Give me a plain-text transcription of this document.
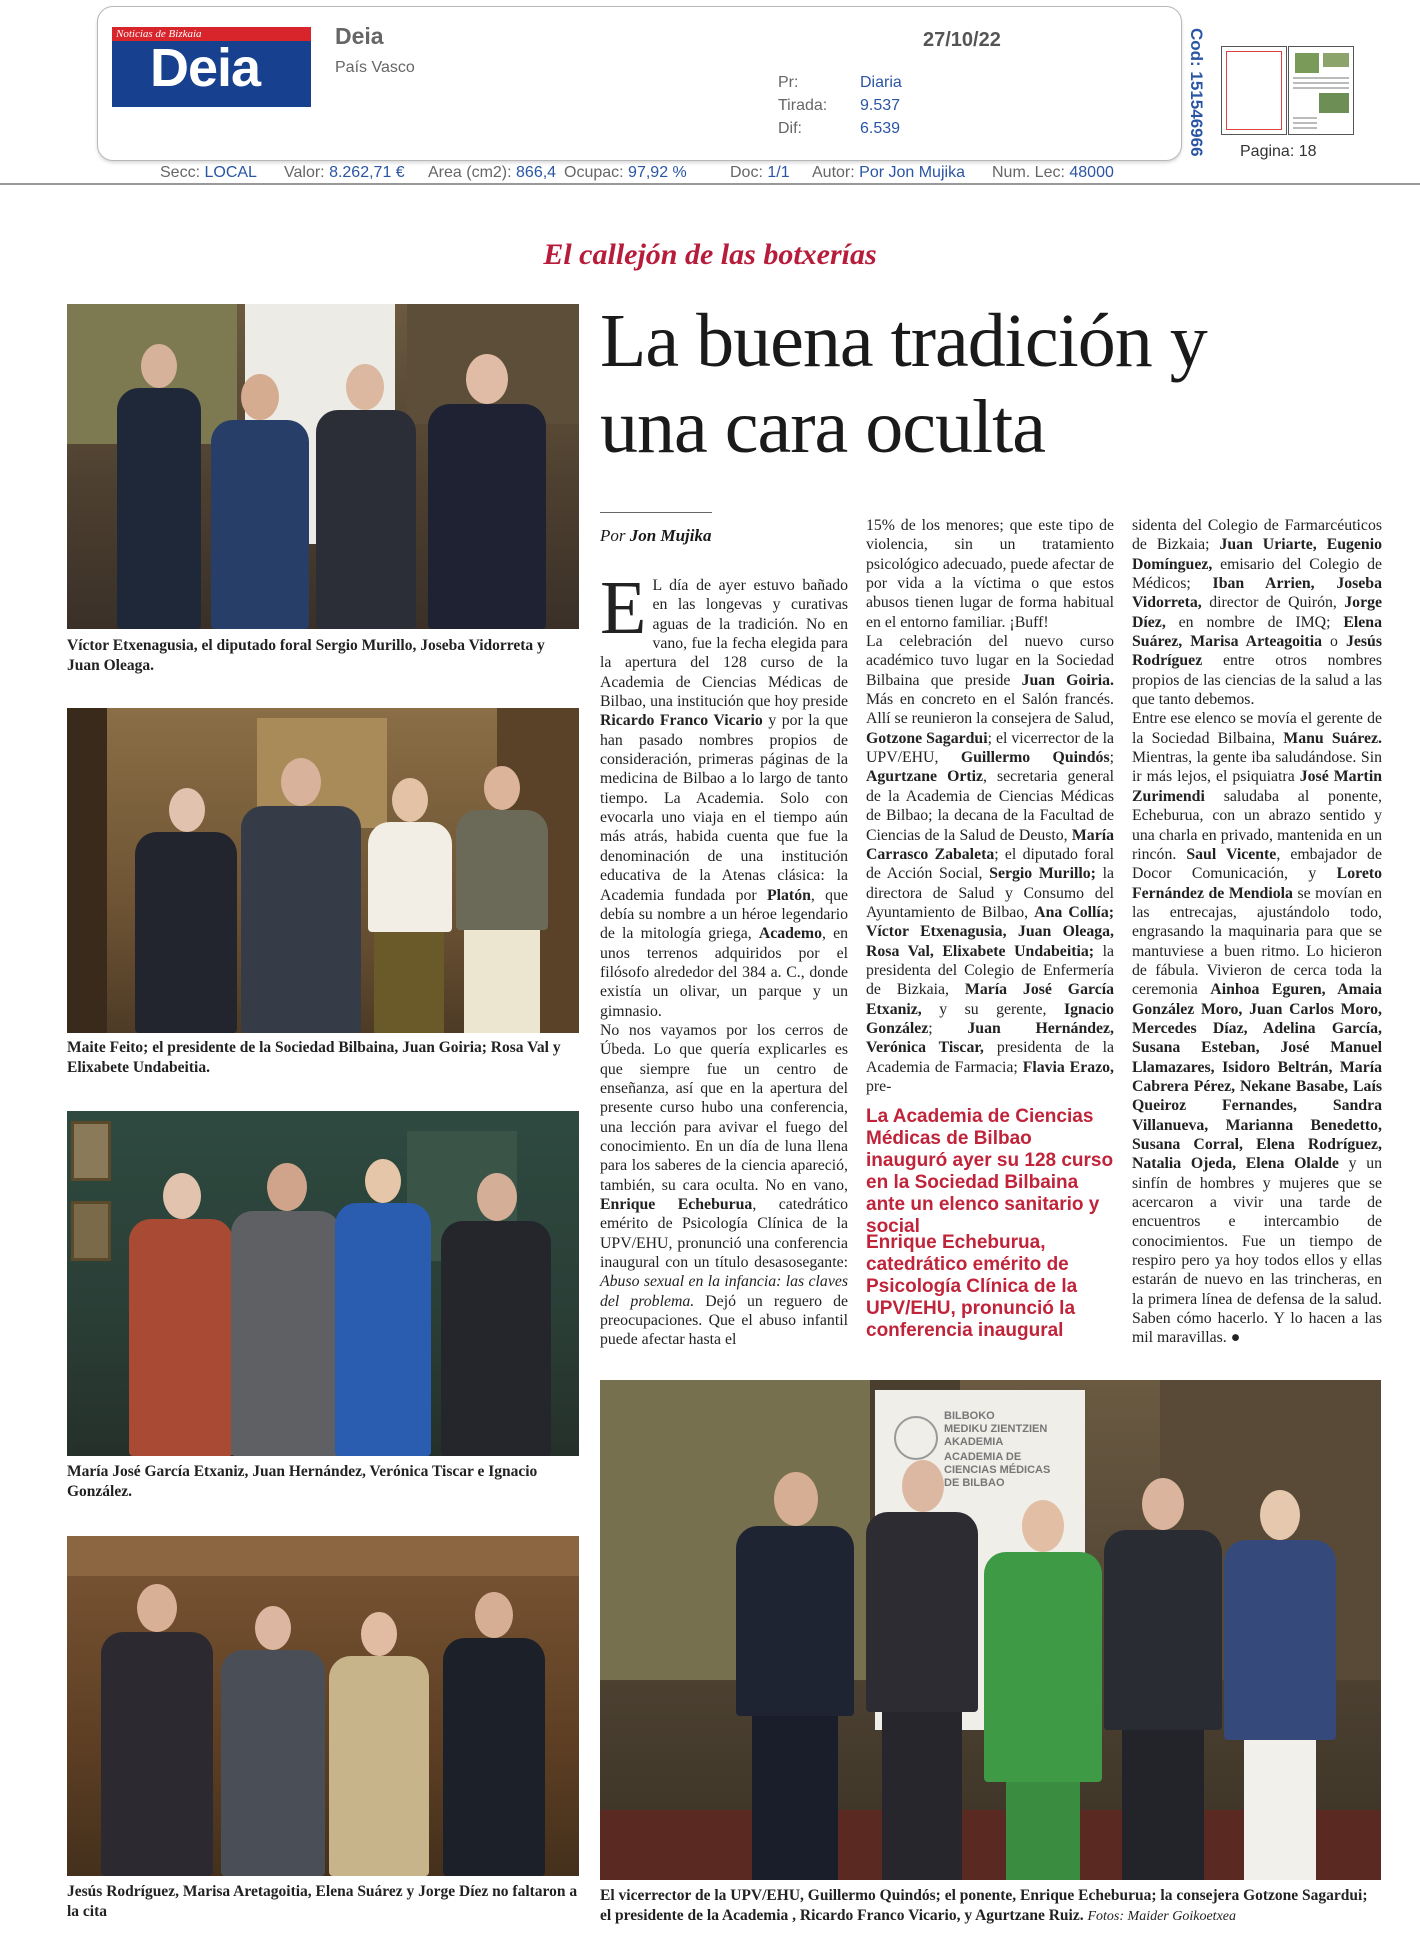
Noticias de Bizkaia
Deia
Deia
País Vasco
27/10/22
Pr:	Diaria
Tirada: 9.537
Dif:	6.539	Cod: 151546966 Pagina: 18
Secc: LOCAL Valor: 8.262,71 € Area (cm2): 866,4 Ocupac: 97,92 %	Doc: 1/1 Autor: Por Jon Mujika Num. Lec: 48000
El callejón de las botxerías
La buena tradición y
una cara oculta
Por Jon Mujika

E L día de ayer estuvo bañado en las longevas y curativas aguas de la tradición. No en vano, fue la fecha elegida para la apertura del 128 curso de la Academia de Ciencias Médicas de Bilbao, una institución que hoy preside Ricardo Franco Vicario y por la que han pasado nombres propios de consideración, primeras páginas de la medicina de Bilbao a lo largo de tanto tiempo. La Academia. Solo con evocarla uno viaja en el tiempo aún más atrás, habida cuenta que fue la denominación de una institución educativa de la Atenas clásica: la Academia fundada por Platón, que debía su nombre a un héroe legendario de la mitología griega, Academo, en unos terrenos adquiridos por el filósofo alrededor del 384 a. C., donde existía un olivar, un parque y un gimnasio.

No nos vayamos por los cerros de Úbeda. Lo que quería explicarles es que siempre fue un centro de enseñanza, así que en la apertura del presente curso hubo una conferencia, una lección para avivar el fuego del conocimiento. En un día de luna llena para los saberes de la ciencia apareció, también, su cara oculta. No en vano, Enrique Echeburua, catedrático emérito de Psicología Clínica de la UPV/EHU, pronunció una conferencia inaugural con un título desasosegante: Abuso sexual en la infancia: las claves del problema. Dejó un reguero de preocupaciones. Que el abuso infantil puede afectar hasta el

15% de los menores; que este tipo de violencia, sin un tratamiento psicológico adecuado, puede afectar de por vida a la víctima o que estos abusos tienen lugar de forma habitual en el entorno familiar. ¡Buff!

La celebración del nuevo curso académico tuvo lugar en la Sociedad Bilbaina que preside Juan Goiria. Más en concreto en el Salón francés. Allí se reunieron la consejera de Salud, Gotzone Sagardui; el vicerrector de la UPV/EHU, Guillermo Quindós; Agurtzane Ortiz, secretaria general de la Academia de Ciencias Médicas de Bilbao; la decana de la Facultad de Ciencias de la Salud de Deusto, María Carrasco Zabaleta; el diputado foral de Acción Social, Sergio Murillo; la directora de Salud y Consumo del Ayuntamiento de Bilbao, Ana Collía; Víctor Etxenagusia, Juan Oleaga, Rosa Val, Elixabete Undabeitia; la presidenta del Colegio de Enfermería de Bizkaia, María José García Etxaniz, y su gerente, Ignacio González; Juan Hernández, Verónica Tiscar, presidenta de la Academia de Farmacia; Flavia Erazo, pre-

La Academia de Ciencias Médicas de Bilbao inauguró ayer su 128 curso en la Sociedad Bilbaina ante un elenco sanitario y social
Enrique Echeburua, catedrático emérito de Psicología Clínica de la UPV/EHU, pronunció la conferencia inaugural

sidenta del Colegio de Farmarcéuticos de Bizkaia; Juan Uriarte, Eugenio Domínguez, emisario del Colegio de Médicos; Iban Arrien, Joseba Vidorreta, director de Quirón, Jorge Díez, en nombre de IMQ; Elena Suárez, Marisa Arteagoitia o Jesús Rodríguez entre otros nombres propios de las ciencias de la salud a las que tanto debemos.

Entre ese elenco se movía el gerente de la Sociedad Bilbaina, Manu Suárez. Mientras, la gente iba saludándose. Sin ir más lejos, el psiquiatra José Martin Zurimendi saludaba al ponente, Echeburua, con un abrazo sentido y una charla en privado, mantenida en un rincón. Saul Vicente, embajador de Docor Comunicación, y Loreto Fernández de Mendiola se movían en las entrecajas, ajustándolo todo, engrasando la maquinaria para que se mantuviese a buen ritmo. Lo hicieron de fábula. Vivieron de cerca toda la ceremonia Ainhoa Eguren, Amaia González Moro, Juan Carlos Moro, Mercedes Díaz, Adelina García, Susana Esteban, José Manuel Llamazares, Isidoro Beltrán, María Cabrera Pérez, Nekane Basabe, Laís Queiroz Fernandes, Sandra Villanueva, Marianna Benedetto, Susana Corral, Elena Rodríguez, Natalia Ojeda, Elena Olalde y un sinfín de hombres y mujeres que se acercaron a vivir una tarde de encuentros e intercambio de conocimientos. Fue un tiempo de respiro pero ya hoy todos ellos y ellas estarán de nuevo en las trincheras, en la primera línea de defensa de la salud. Saben cómo hacerlo. Y lo hacen a las mil maravillas. ●

Víctor Etxenagusia, el diputado foral Sergio Murillo, Joseba Vidorreta y Juan Oleaga.
Maite Feito; el presidente de la Sociedad Bilbaina, Juan Goiria; Rosa Val y Elixabete Undabeitia.
María José García Etxaniz, Juan Hernández, Verónica Tiscar e Ignacio González.
Jesús Rodríguez, Marisa Aretagoitia, Elena Suárez y Jorge Díez no faltaron a la cita
BILBOKO
MEDIKU ZIENTZIEN
AKADEMIA
ACADEMIA DE
CIENCIAS MÉDICAS
DE BILBAO
El vicerrector de la UPV/EHU, Guillermo Quindós; el ponente, Enrique Echeburua; la consejera Gotzone Sagardui; el presidente de la Academia , Ricardo Franco Vicario, y Agurtzane Ruiz. Fotos: Maider Goikoetxea
